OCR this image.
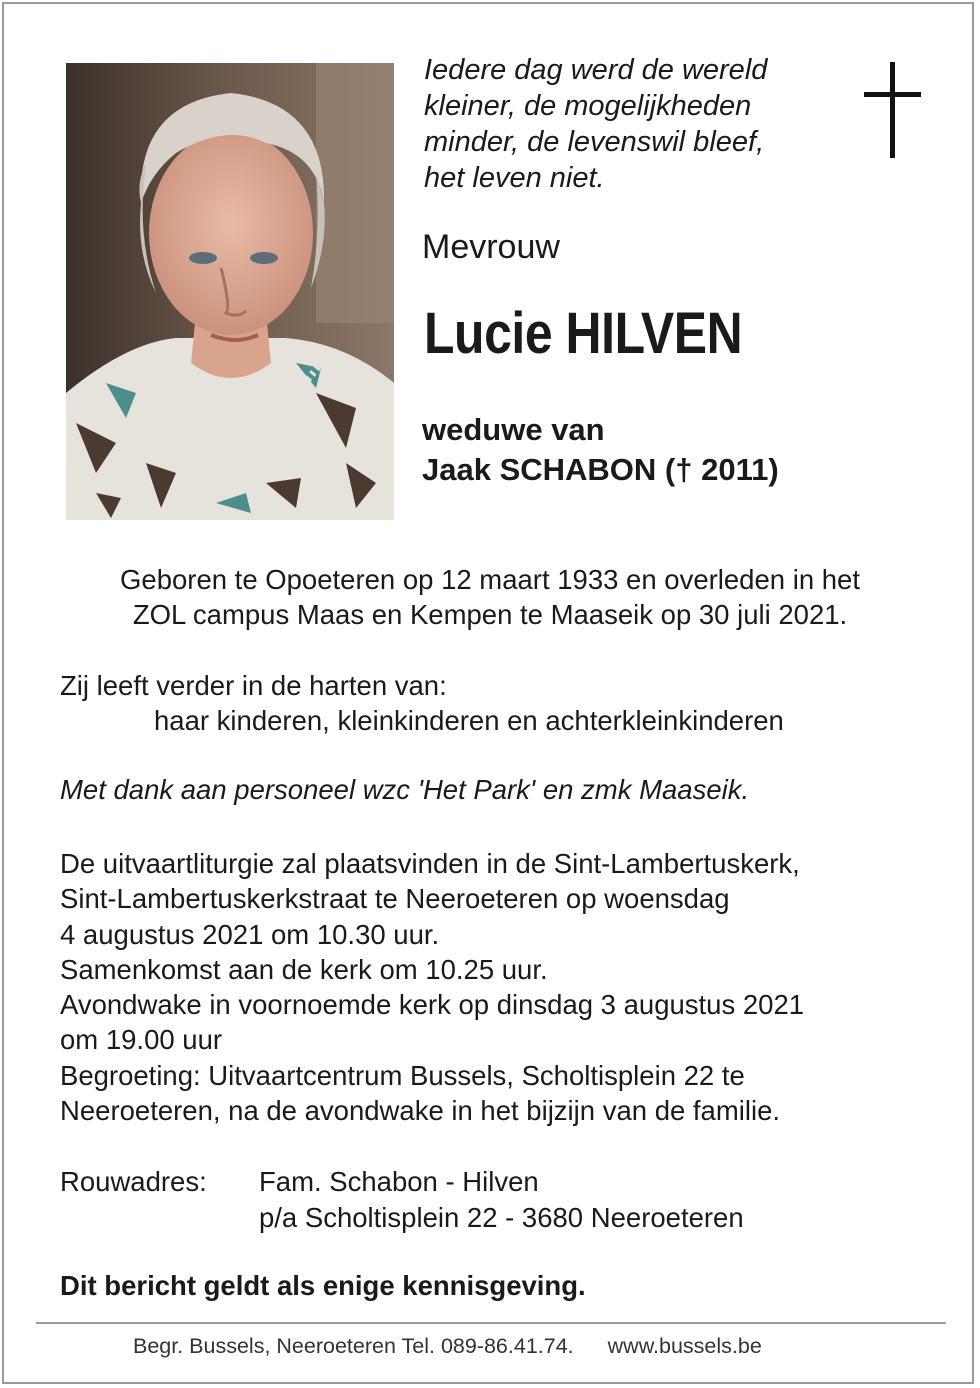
Iedere dag werd de wereld
kleiner, de mogelijkheden
minder, de levenswil bleef,
het leven niet.
Mevrouw
Lucie HILVEN
weduwe van
Jaak SCHABON († 2011)
Geboren te Opoeteren op 12 maart 1933 en overleden in het
ZOL campus Maas en Kempen te Maaseik op 30 juli 2021.
Zij leeft verder in de harten van:
haar kinderen, kleinkinderen en achterkleinkinderen
Met dank aan personeel wzc 'Het Park' en zmk Maaseik.
De uitvaartliturgie zal plaatsvinden in de Sint-Lambertuskerk,
Sint-Lambertuskerkstraat te Neeroeteren op woensdag
4 augustus 2021 om 10.30 uur.
Samenkomst aan de kerk om 10.25 uur.
Avondwake in voornoemde kerk op dinsdag 3 augustus 2021
om 19.00 uur
Begroeting: Uitvaartcentrum Bussels, Scholtisplein 22 te
Neeroeteren, na de avondwake in het bijzijn van de familie.
Rouwadres:	Fam. Schabon - Hilven
p/a Scholtisplein 22 - 3680 Neeroeteren
Dit bericht geldt als enige kennisgeving.
Begr. Bussels, Neeroeteren Tel. 089-86.41.74. www.bussels.be
